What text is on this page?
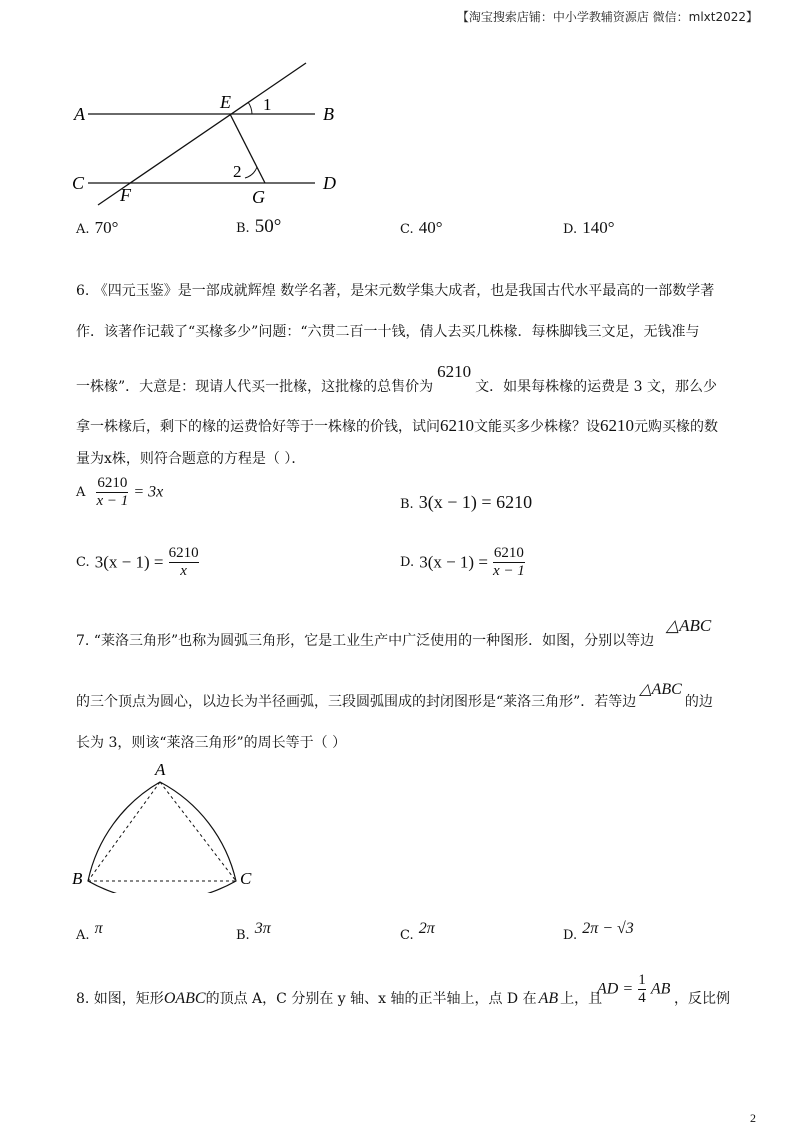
【淘宝搜索店铺：中小学教辅资源店 微信：mlxt2022】
A	B
C	D
E
F	G
1
2
A. 70°	B. 50°	C. 40°	D. 140°
6. 《四元玉鉴》是一部成就辉煌 数学名著，是宋元数学集大成者，也是我国古代水平最高的一部数学著
作．该著作记载了“买椽多少”问题：“六贯二百一十钱，倩人去买几株椽．每株脚钱三文足，无钱准与
一株椽”．大意是：现请人代买一批椽，这批椽的总售价为6210文．如果每株椽的运费是 3 文，那么少
拿一株椽后，剩下的椽的运费恰好等于一株椽的价钱，试问6210文能买多少株椽？设6210元购买椽的数
量为x株，则符合题意的方程是（ ）．
A $\frac{6210}{x - 1} = 3x$
B. 3(x − 1) = 6210
C. $3(x - 1) = \frac{6210}{x}$	D. $3(x - 1) = \frac{6210}{x - 1}$
7. “莱洛三角形”也称为圆弧三角形，它是工业生产中广泛使用的一种图形．如图，分别以等边
△ABC
的三个顶点为圆心，以边长为半径画弧，三段圆弧围成的封闭图形是“莱洛三角形”．若等边△ABC的边
长为 3，则该“莱洛三角形”的周长等于（ ）
A
B	C
A. π	B. 3π	C. 2π	D. 2π − √3
8. 如图，矩形OABC的顶点 A，C 分别在 y 轴、x 轴的正半轴上，点 D 在 AB 上，且
AD = $\frac{1}{4}$ AB
，反比例
2
